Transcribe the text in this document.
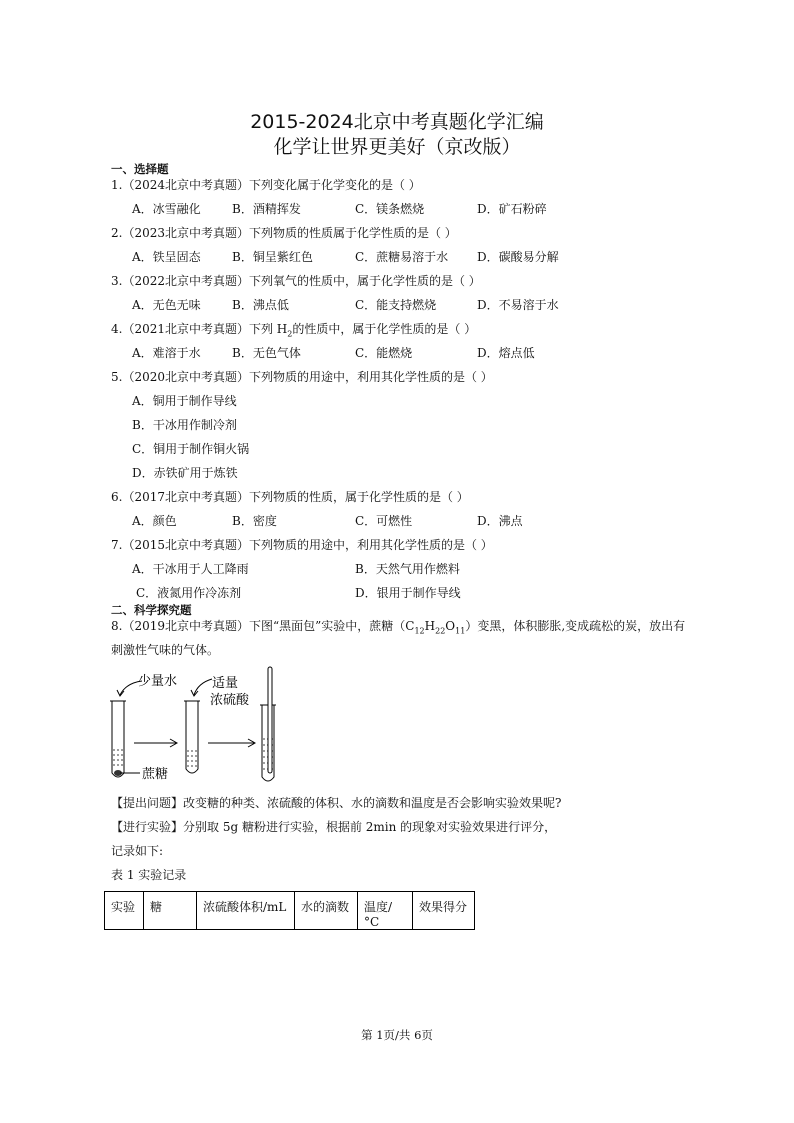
2015-2024北京中考真题化学汇编
化学让世界更美好（京改版）
一、选择题
1.（2024北京中考真题）下列变化属于化学变化的是（ ）
A．冰雪融化	B．酒精挥发	C．镁条燃烧	D．矿石粉碎
2.（2023北京中考真题）下列物质的性质属于化学性质的是（ ）
A．铁呈固态	B．铜呈紫红色	C．蔗糖易溶于水 D．碳酸易分解
3.（2022北京中考真题）下列氧气的性质中，属于化学性质的是（ ）
A．无色无味	B．沸点低	C．能支持燃烧	D．不易溶于水
4.（2021北京中考真题）下列 $H_2$的性质中，属于化学性质的是（ ）
A．难溶于水	B．无色气体	C．能燃烧	D．熔点低
5.（2020北京中考真题）下列物质的用途中，利用其化学性质的是（ ）
A．铜用于制作导线
B．干冰用作制冷剂
C．铜用于制作铜火锅
D．赤铁矿用于炼铁
6.（2017北京中考真题）下列物质的性质，属于化学性质的是（ ）
A．颜色	B．密度	C．可燃性	D．沸点
7.（2015北京中考真题）下列物质的用途中，利用其化学性质的是（ ）
A．干冰用于人工降雨	B．天然气用作燃料
C．液氮用作冷冻剂	D．银用于制作导线
二、科学探究题
8.（2019北京中考真题）下图“黑面包”实验中，蔗糖$(C_{12}H_{22}O_{11})$变黑，体积膨胀,变成疏松的炭，放出有
刺激性气味的气体。
少量水
蔗糖
适量
浓硫酸
【提出问题】改变糖的种类、浓硫酸的体积、水的滴数和温度是否会影响实验效果呢?
【进行实验】分别取 5g 糖粉进行实验，根据前 2min 的现象对实验效果进行评分，
记录如下:
表 1 实验记录
实验	糖	浓硫酸体积/mL	水的滴数	温度/°C	效果得分
第 1页/共 6页
